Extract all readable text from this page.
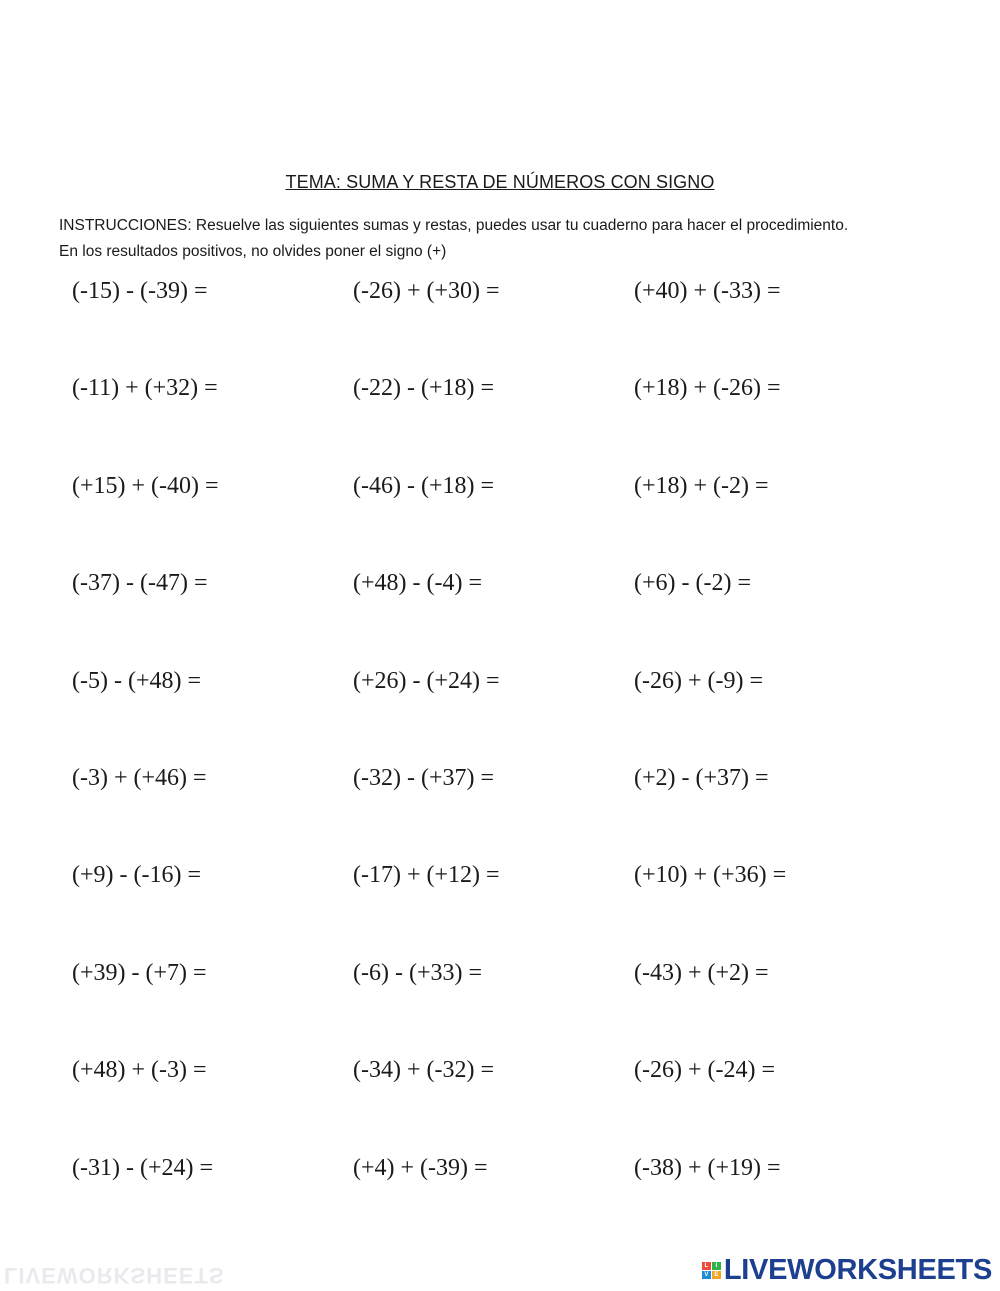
TEMA: SUMA Y RESTA DE NÚMEROS CON SIGNO
INSTRUCCIONES: Resuelve las siguientes sumas y restas, puedes usar tu cuaderno para hacer el procedimiento.
En los resultados positivos, no olvides poner el signo (+)
(-15) - (-39) =	(-26) + (+30) =	(+40) + (-33) =
(-11) + (+32) =	(-22) - (+18) =	(+18) + (-26) =
(+15) + (-40) =	(-46) - (+18) =	(+18) + (-2) =
(-37) - (-47) =	(+48) - (-4) =	(+6) - (-2) =
(-5) - (+48) =	(+26) - (+24) =	(-26) + (-9) =
(-3) + (+46) =	(-32) - (+37) =	(+2) - (+37) =
(+9) - (-16) =	(-17) + (+12) =	(+10) + (+36) =
(+39) - (+7) =	(-6) - (+33) =	(-43) + (+2) =
(+48) + (-3) =	(-34) + (-32) =	(-26) + (-24) =
(-31) - (+24) =	(+4) + (-39) =	(-38) + (+19) =
LIVEWORKSHEETS	L	I
V E LIVEWORKSHEETS
